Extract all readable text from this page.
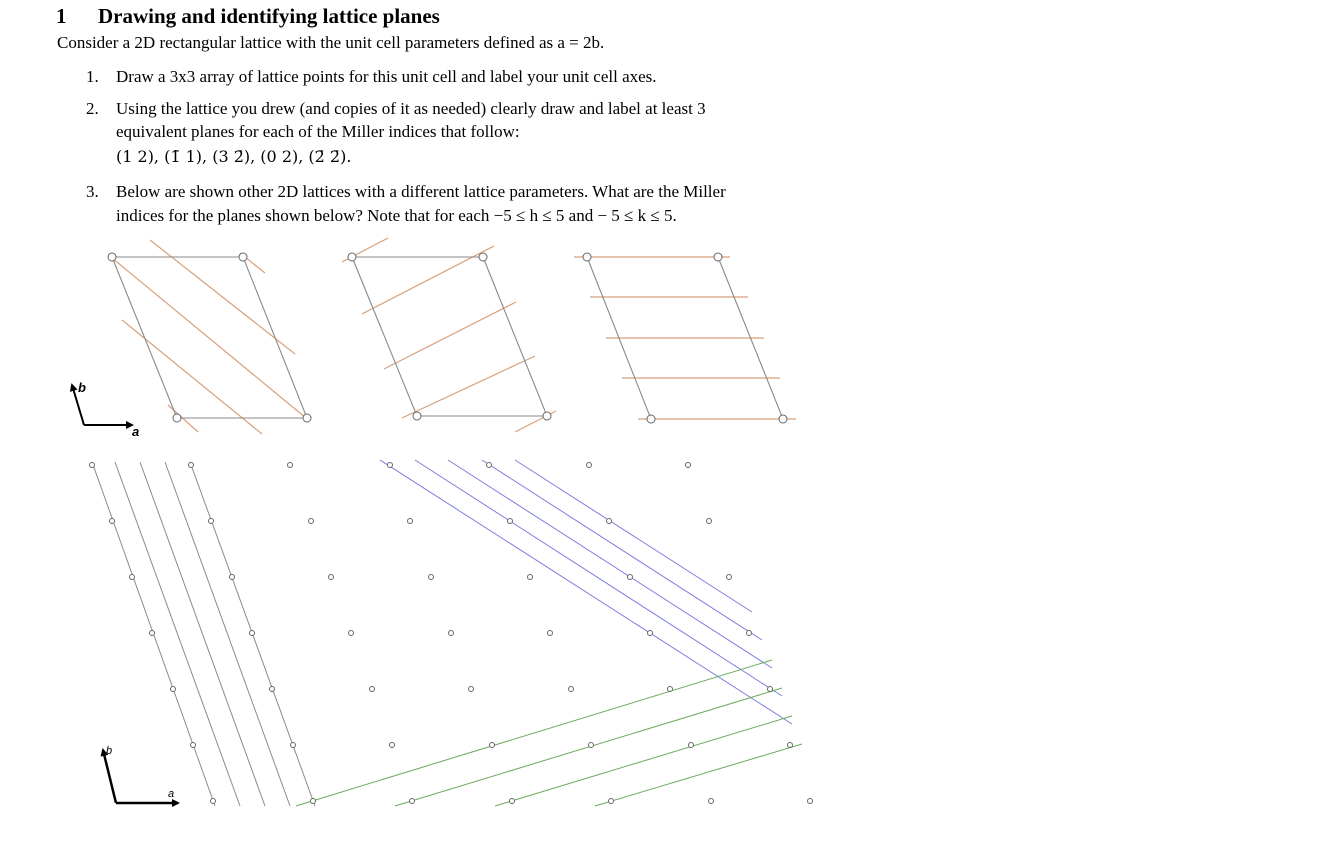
1 Drawing and identifying lattice planes
Consider a 2D rectangular lattice with the unit cell parameters defined as a = 2b.
1. Draw a 3x3 array of lattice points for this unit cell and label your unit cell axes.
2. Using the lattice you drew (and copies of it as needed) clearly draw and label at least 3
equivalent planes for each of the Miller indices that follow:
(1 2), (1̄ 1), (3 2̄), (0 2), (2̄ 2̄).
3. Below are shown other 2D lattices with a different lattice parameters. What are the Miller
indices for the planes shown below? Note that for each −5 ≤ h ≤ 5 and − 5 ≤ k ≤ 5.
b
a
b
a
